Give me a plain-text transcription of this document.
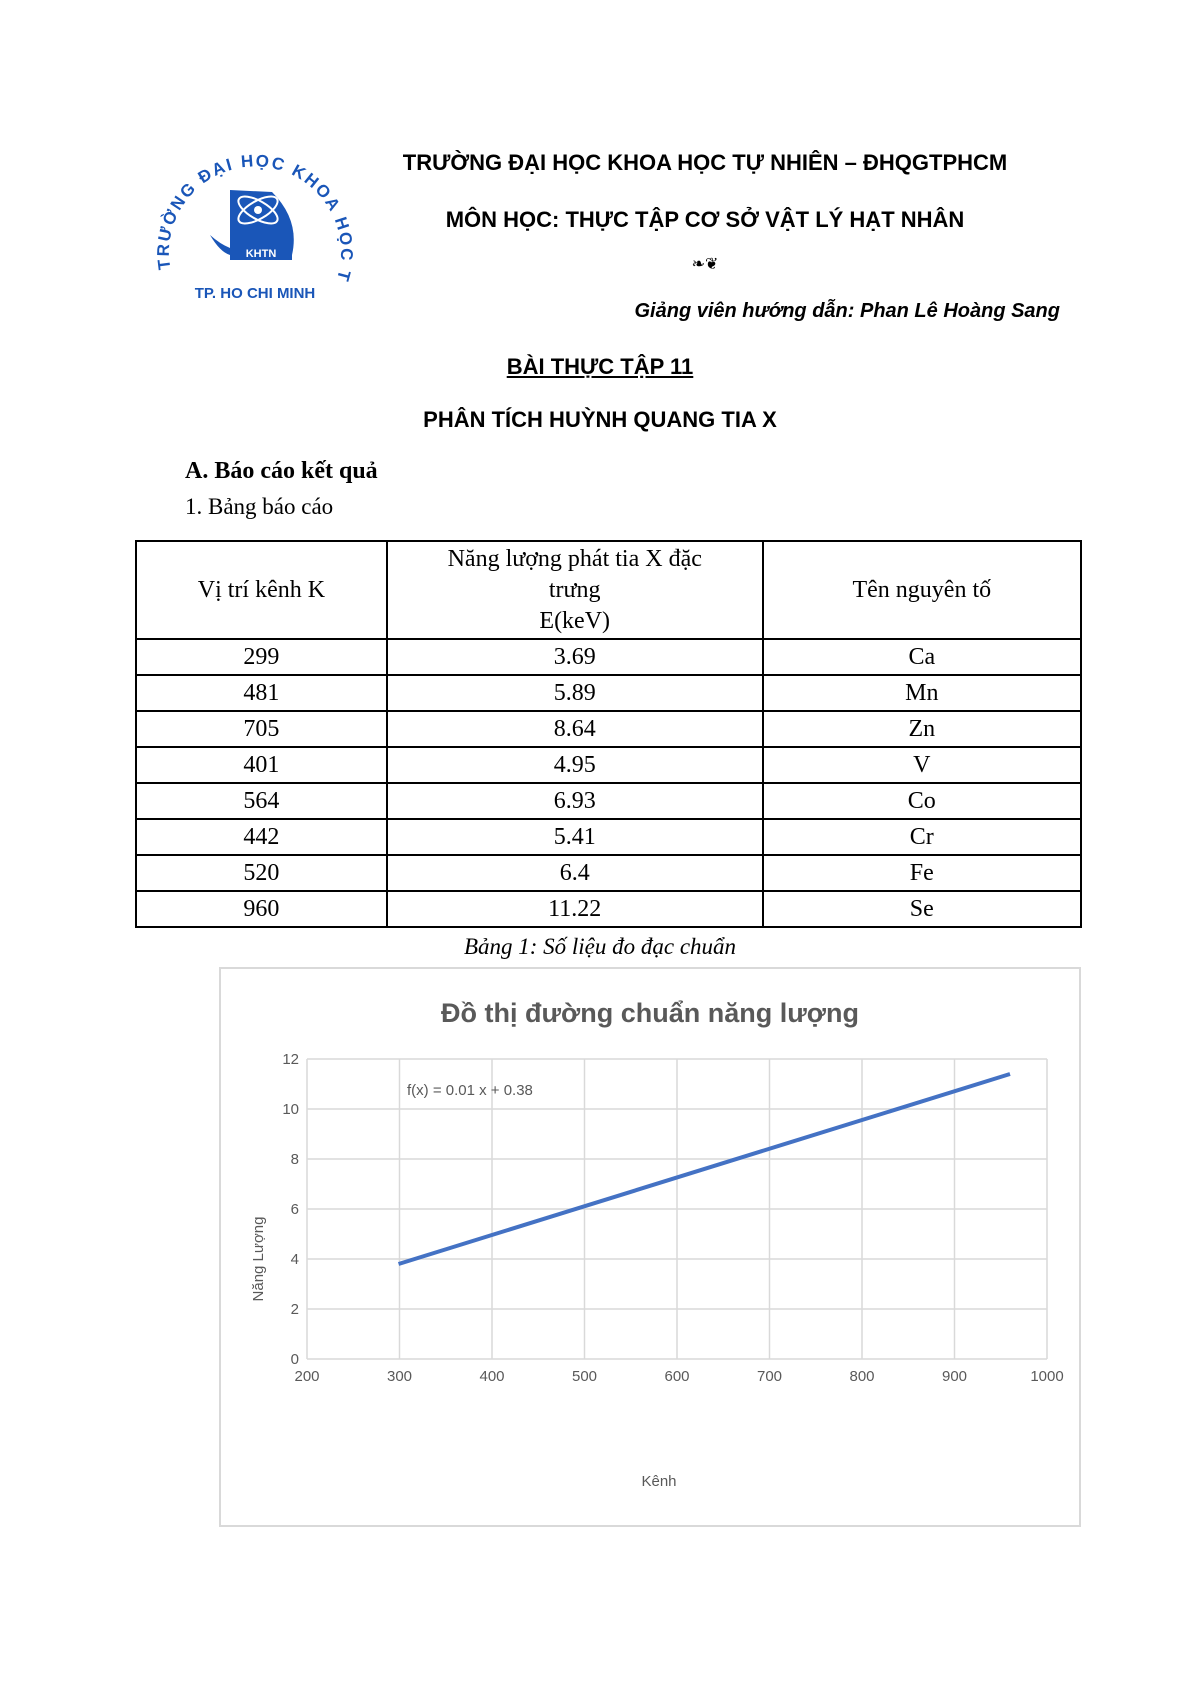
TRƯỜNG ĐẠI HỌC KHOA HỌC T
KHTN
TP. HO CHI MINH
TRƯỜNG ĐẠI HỌC KHOA HỌC TỰ NHIÊN – ĐHQGTPHCM
MÔN HỌC: THỰC TẬP CƠ SỞ VẬT LÝ HẠT NHÂN
❧❦
Giảng viên hướng dẫn: Phan Lê Hoàng Sang
BÀI THỰC TẬP 11
PHÂN TÍCH HUỲNH QUANG TIA X
A. Báo cáo kết quả
1. Bảng báo cáo
Vị trí kênh K	Năng lượng phát tia X đặc
trưng
E(keV)	Tên nguyên tố
299	3.69	Ca
481	5.89	Mn
705	8.64	Zn
401	4.95	V
564	6.93	Co
442	5.41	Cr
520	6.4	Fe
960	11.22	Se
Bảng 1: Số liệu đo đạc chuẩn
Đồ thị đường chuẩn năng lượng
200	300	400	500	600	700	800	900	1000
0
2
4
6
8
10
12
f(x) = 0.01 x + 0.38
Kênh
Năng Lượng
